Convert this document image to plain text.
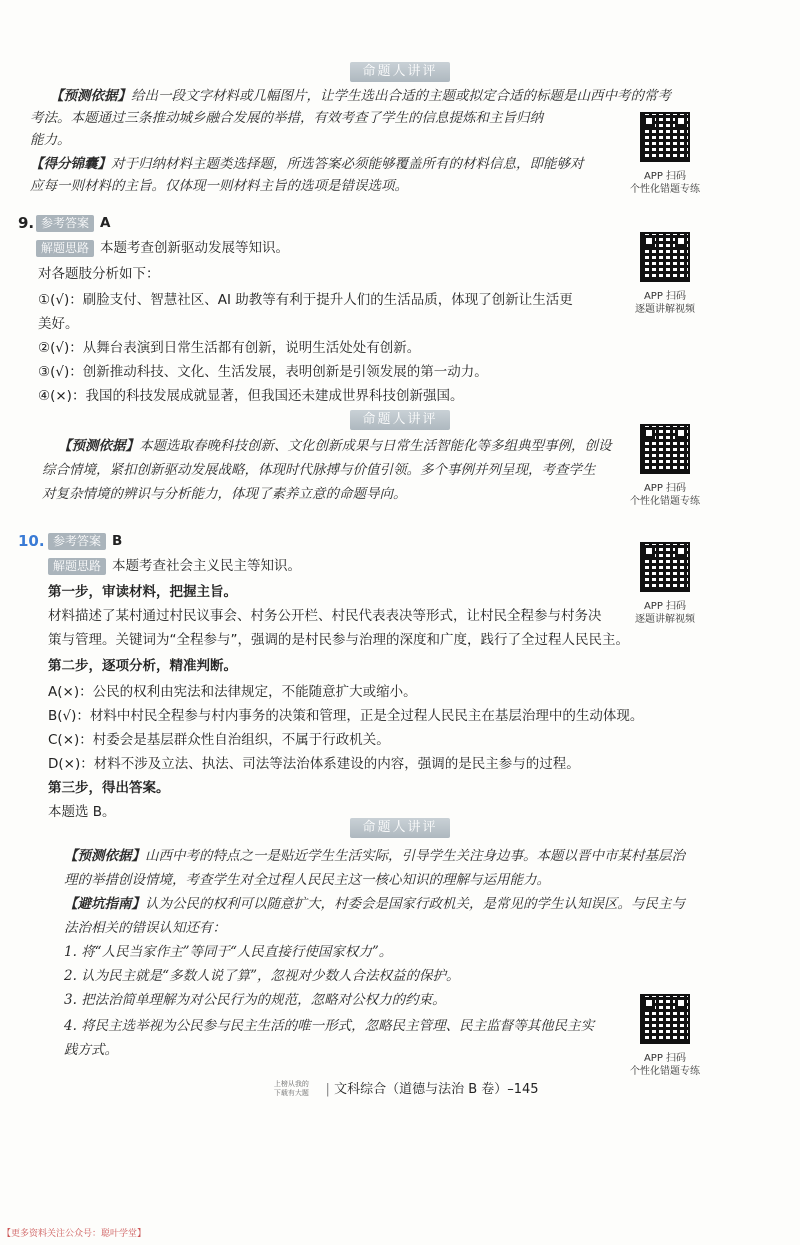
命题人讲评
【预测依据】给出一段文字材料或几幅图片，让学生选出合适的主题或拟定合适的标题是山西中考的常考
考法。本题通过三条推动城乡融合发展的举措，有效考查了学生的信息提炼和主旨归纳
能力。
【得分锦囊】对于归纳材料主题类选择题，所选答案必须能够覆盖所有的材料信息，即能够对
应每一则材料的主旨。仅体现一则材料主旨的选项是错误选项。
APP 扫码
个性化错题专练
9. 参考答案 A
解题思路 本题考查创新驱动发展等知识。
对各题肢分析如下：
①(√)：刷脸支付、智慧社区、AI 助教等有利于提升人们的生活品质，体现了创新让生活更
美好。
②(√)：从舞台表演到日常生活都有创新，说明生活处处有创新。
③(√)：创新推动科技、文化、生活发展，表明创新是引领发展的第一动力。
④(×)：我国的科技发展成就显著，但我国还未建成世界科技创新强国。
APP 扫码
逐题讲解视频
命题人讲评
【预测依据】本题选取春晚科技创新、文化创新成果与日常生活智能化等多组典型事例，创设
综合情境，紧扣创新驱动发展战略，体现时代脉搏与价值引领。多个事例并列呈现，考查学生
对复杂情境的辨识与分析能力，体现了素养立意的命题导向。	APP 扫码
个性化错题专练
10. 参考答案 B
解题思路 本题考查社会主义民主等知识。
第一步，审读材料，把握主旨。
材料描述了某村通过村民议事会、村务公开栏、村民代表表决等形式，让村民全程参与村务决
策与管理。关键词为“全程参与”，强调的是村民参与治理的深度和广度，践行了全过程人民民主。
第二步，逐项分析，精准判断。
A(×)：公民的权利由宪法和法律规定，不能随意扩大或缩小。
B(√)：材料中村民全程参与村内事务的决策和管理，正是全过程人民民主在基层治理中的生动体现。
C(×)：村委会是基层群众性自治组织，不属于行政机关。
D(×)：材料不涉及立法、执法、司法等法治体系建设的内容，强调的是民主参与的过程。
第三步，得出答案。
本题选 B。
APP 扫码
逐题讲解视频
命题人讲评
【预测依据】山西中考的特点之一是贴近学生生活实际，引导学生关注身边事。本题以晋中市某村基层治
理的举措创设情境，考查学生对全过程人民民主这一核心知识的理解与运用能力。
【避坑指南】认为公民的权利可以随意扩大，村委会是国家行政机关，是常见的学生认知误区。与民主与
法治相关的错误认知还有：
1. 将“人民当家作主”等同于“人民直接行使国家权力”。
2. 认为民主就是“多数人说了算”，忽视对少数人合法权益的保护。
3. 把法治简单理解为对公民行为的规范，忽略对公权力的约束。
4. 将民主选举视为公民参与民主生活的唯一形式，忽略民主管理、民主监督等其他民主实
践方式。
APP 扫码
个性化错题专练
上榜从我的
下载有大题	| 文科综合（道德与法治 B 卷）–145
【更多资料关注公众号：聪叶学堂】
